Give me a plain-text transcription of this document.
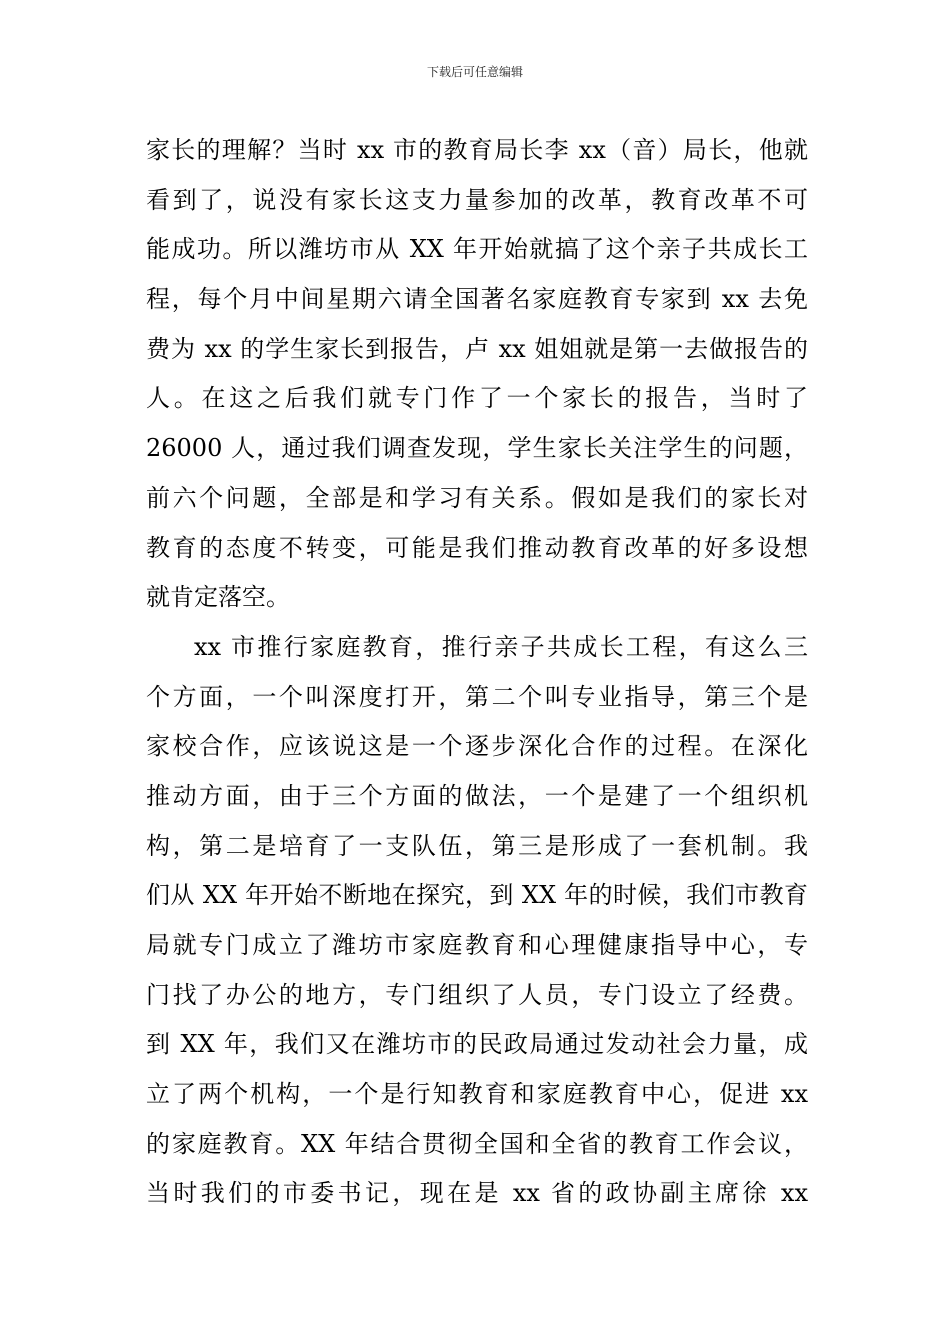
下载后可任意编辑
家长的理解？当时 xx 市的教育局长李 xx（音）局长，他就
看到了，说没有家长这支力量参加的改革，教育改革不可
能成功。所以潍坊市从 XX 年开始就搞了这个亲子共成长工
程，每个月中间星期六请全国著名家庭教育专家到 xx 去免
费为 xx 的学生家长到报告，卢 xx 姐姐就是第一去做报告的
人。在这之后我们就专门作了一个家长的报告，当时了
26000 人，通过我们调查发现，学生家长关注学生的问题，
前六个问题，全部是和学习有关系。假如是我们的家长对
教育的态度不转变，可能是我们推动教育改革的好多设想
就肯定落空。
xx 市推行家庭教育，推行亲子共成长工程，有这么三
个方面，一个叫深度打开，第二个叫专业指导，第三个是
家校合作，应该说这是一个逐步深化合作的过程。在深化
推动方面，由于三个方面的做法，一个是建了一个组织机
构，第二是培育了一支队伍，第三是形成了一套机制。我
们从 XX 年开始不断地在探究，到 XX 年的时候，我们市教育
局就专门成立了潍坊市家庭教育和心理健康指导中心，专
门找了办公的地方，专门组织了人员，专门设立了经费。
到 XX 年，我们又在潍坊市的民政局通过发动社会力量，成
立了两个机构，一个是行知教育和家庭教育中心，促进 xx
的家庭教育。XX 年结合贯彻全国和全省的教育工作会议，
当时我们的市委书记，现在是 xx 省的政协副主席徐 xx
